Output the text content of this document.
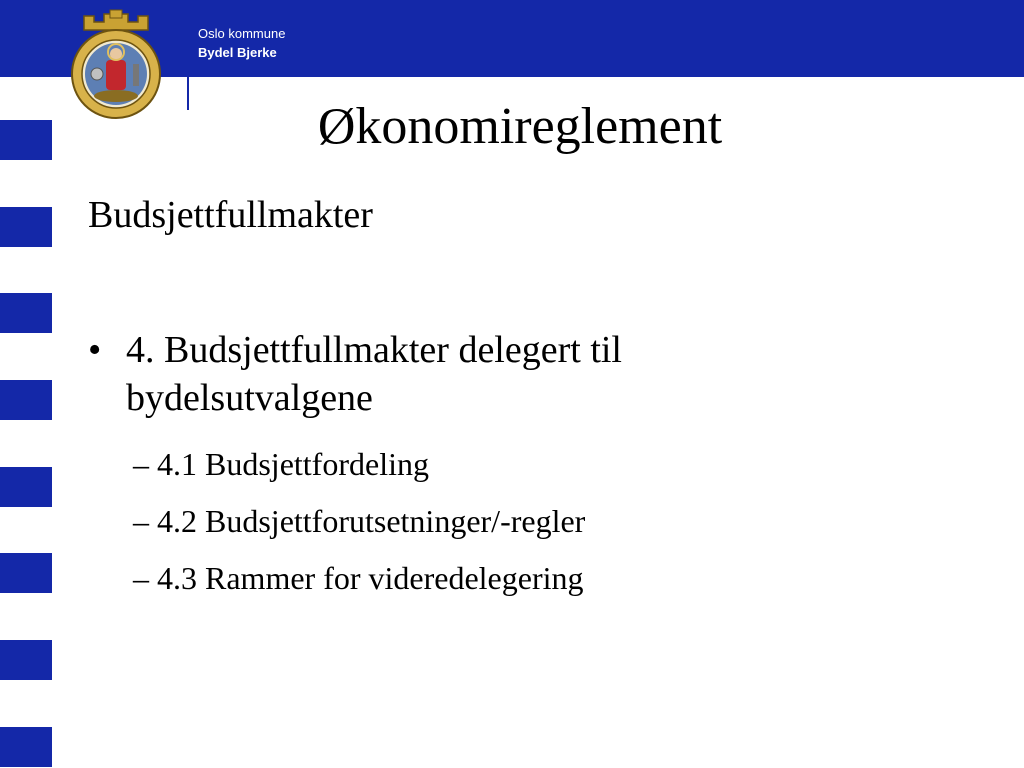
Oslo kommune
Bydel Bjerke
Økonomireglement
Budsjettfullmakter
• 4. Budsjettfullmakter delegert til bydelsutvalgene
– 4.1 Budsjettfordeling
– 4.2 Budsjettforutsetninger/-regler
– 4.3 Rammer for videredelegering
